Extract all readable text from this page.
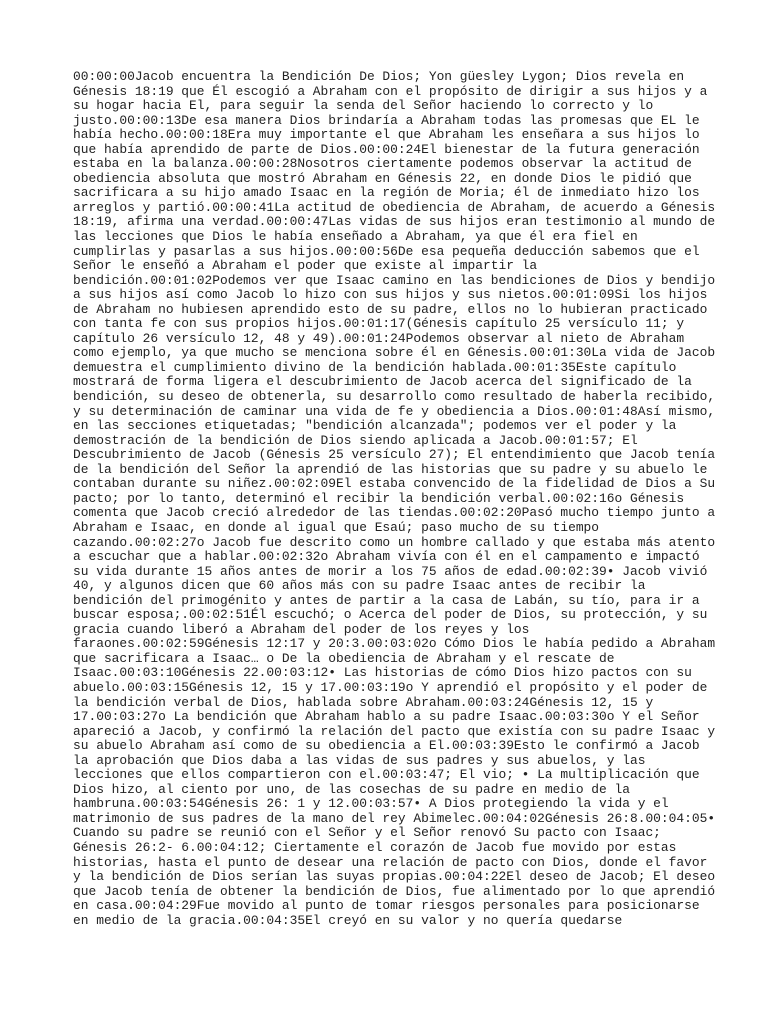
00:00:00Jacob encuentra la Bendición De Dios; Yon güesley Lygon; Dios revela en
Génesis 18:19 que Él escogió a Abraham con el propósito de dirigir a sus hijos y a
su hogar hacia El, para seguir la senda del Señor haciendo lo correcto y lo
justo.00:00:13De esa manera Dios brindaría a Abraham todas las promesas que EL le
había hecho.00:00:18Era muy importante el que Abraham les enseñara a sus hijos lo
que había aprendido de parte de Dios.00:00:24El bienestar de la futura generación
estaba en la balanza.00:00:28Nosotros ciertamente podemos observar la actitud de
obediencia absoluta que mostró Abraham en Génesis 22, en donde Dios le pidió que
sacrificara a su hijo amado Isaac en la región de Moria; él de inmediato hizo los
arreglos y partió.00:00:41La actitud de obediencia de Abraham, de acuerdo a Génesis
18:19, afirma una verdad.00:00:47Las vidas de sus hijos eran testimonio al mundo de
las lecciones que Dios le había enseñado a Abraham, ya que él era fiel en
cumplirlas y pasarlas a sus hijos.00:00:56De esa pequeña deducción sabemos que el
Señor le enseñó a Abraham el poder que existe al impartir la
bendición.00:01:02Podemos ver que Isaac camino en las bendiciones de Dios y bendijo
a sus hijos así como Jacob lo hizo con sus hijos y sus nietos.00:01:09Si los hijos
de Abraham no hubiesen aprendido esto de su padre, ellos no lo hubieran practicado
con tanta fe con sus propios hijos.00:01:17(Génesis capítulo 25 versículo 11; y
capítulo 26 versículo 12, 48 y 49).00:01:24Podemos observar al nieto de Abraham
como ejemplo, ya que mucho se menciona sobre él en Génesis.00:01:30La vida de Jacob
demuestra el cumplimiento divino de la bendición hablada.00:01:35Este capítulo
mostrará de forma ligera el descubrimiento de Jacob acerca del significado de la
bendición, su deseo de obtenerla, su desarrollo como resultado de haberla recibido,
y su determinación de caminar una vida de fe y obediencia a Dios.00:01:48Así mismo,
en las secciones etiquetadas; "bendición alcanzada"; podemos ver el poder y la
demostración de la bendición de Dios siendo aplicada a Jacob.00:01:57; El
Descubrimiento de Jacob (Génesis 25 versículo 27); El entendimiento que Jacob tenía
de la bendición del Señor la aprendió de las historias que su padre y su abuelo le
contaban durante su niñez.00:02:09El estaba convencido de la fidelidad de Dios a Su
pacto; por lo tanto, determinó el recibir la bendición verbal.00:02:16o Génesis
comenta que Jacob creció alrededor de las tiendas.00:02:20Pasó mucho tiempo junto a
Abraham e Isaac, en donde al igual que Esaú; paso mucho de su tiempo
cazando.00:02:27o Jacob fue descrito como un hombre callado y que estaba más atento
a escuchar que a hablar.00:02:32o Abraham vivía con él en el campamento e impactó
su vida durante 15 años antes de morir a los 75 años de edad.00:02:39• Jacob vivió
40, y algunos dicen que 60 años más con su padre Isaac antes de recibir la
bendición del primogénito y antes de partir a la casa de Labán, su tío, para ir a
buscar esposa;.00:02:51Él escuchó; o Acerca del poder de Dios, su protección, y su
gracia cuando liberó a Abraham del poder de los reyes y los
faraones.00:02:59Génesis 12:17 y 20:3.00:03:02o Cómo Dios le había pedido a Abraham
que sacrificara a Isaac… o De la obediencia de Abraham y el rescate de
Isaac.00:03:10Génesis 22.00:03:12• Las historias de cómo Dios hizo pactos con su
abuelo.00:03:15Génesis 12, 15 y 17.00:03:19o Y aprendió el propósito y el poder de
la bendición verbal de Dios, hablada sobre Abraham.00:03:24Génesis 12, 15 y
17.00:03:27o La bendición que Abraham hablo a su padre Isaac.00:03:30o Y el Señor
apareció a Jacob, y confirmó la relación del pacto que existía con su padre Isaac y
su abuelo Abraham así como de su obediencia a El.00:03:39Esto le confirmó a Jacob
la aprobación que Dios daba a las vidas de sus padres y sus abuelos, y las
lecciones que ellos compartieron con el.00:03:47; El vio; • La multiplicación que
Dios hizo, al ciento por uno, de las cosechas de su padre en medio de la
hambruna.00:03:54Génesis 26: 1 y 12.00:03:57• A Dios protegiendo la vida y el
matrimonio de sus padres de la mano del rey Abimelec.00:04:02Génesis 26:8.00:04:05•
Cuando su padre se reunió con el Señor y el Señor renovó Su pacto con Isaac;
Génesis 26:2- 6.00:04:12; Ciertamente el corazón de Jacob fue movido por estas
historias, hasta el punto de desear una relación de pacto con Dios, donde el favor
y la bendición de Dios serían las suyas propias.00:04:22El deseo de Jacob; El deseo
que Jacob tenía de obtener la bendición de Dios, fue alimentado por lo que aprendió
en casa.00:04:29Fue movido al punto de tomar riesgos personales para posicionarse
en medio de la gracia.00:04:35El creyó en su valor y no quería quedarse
